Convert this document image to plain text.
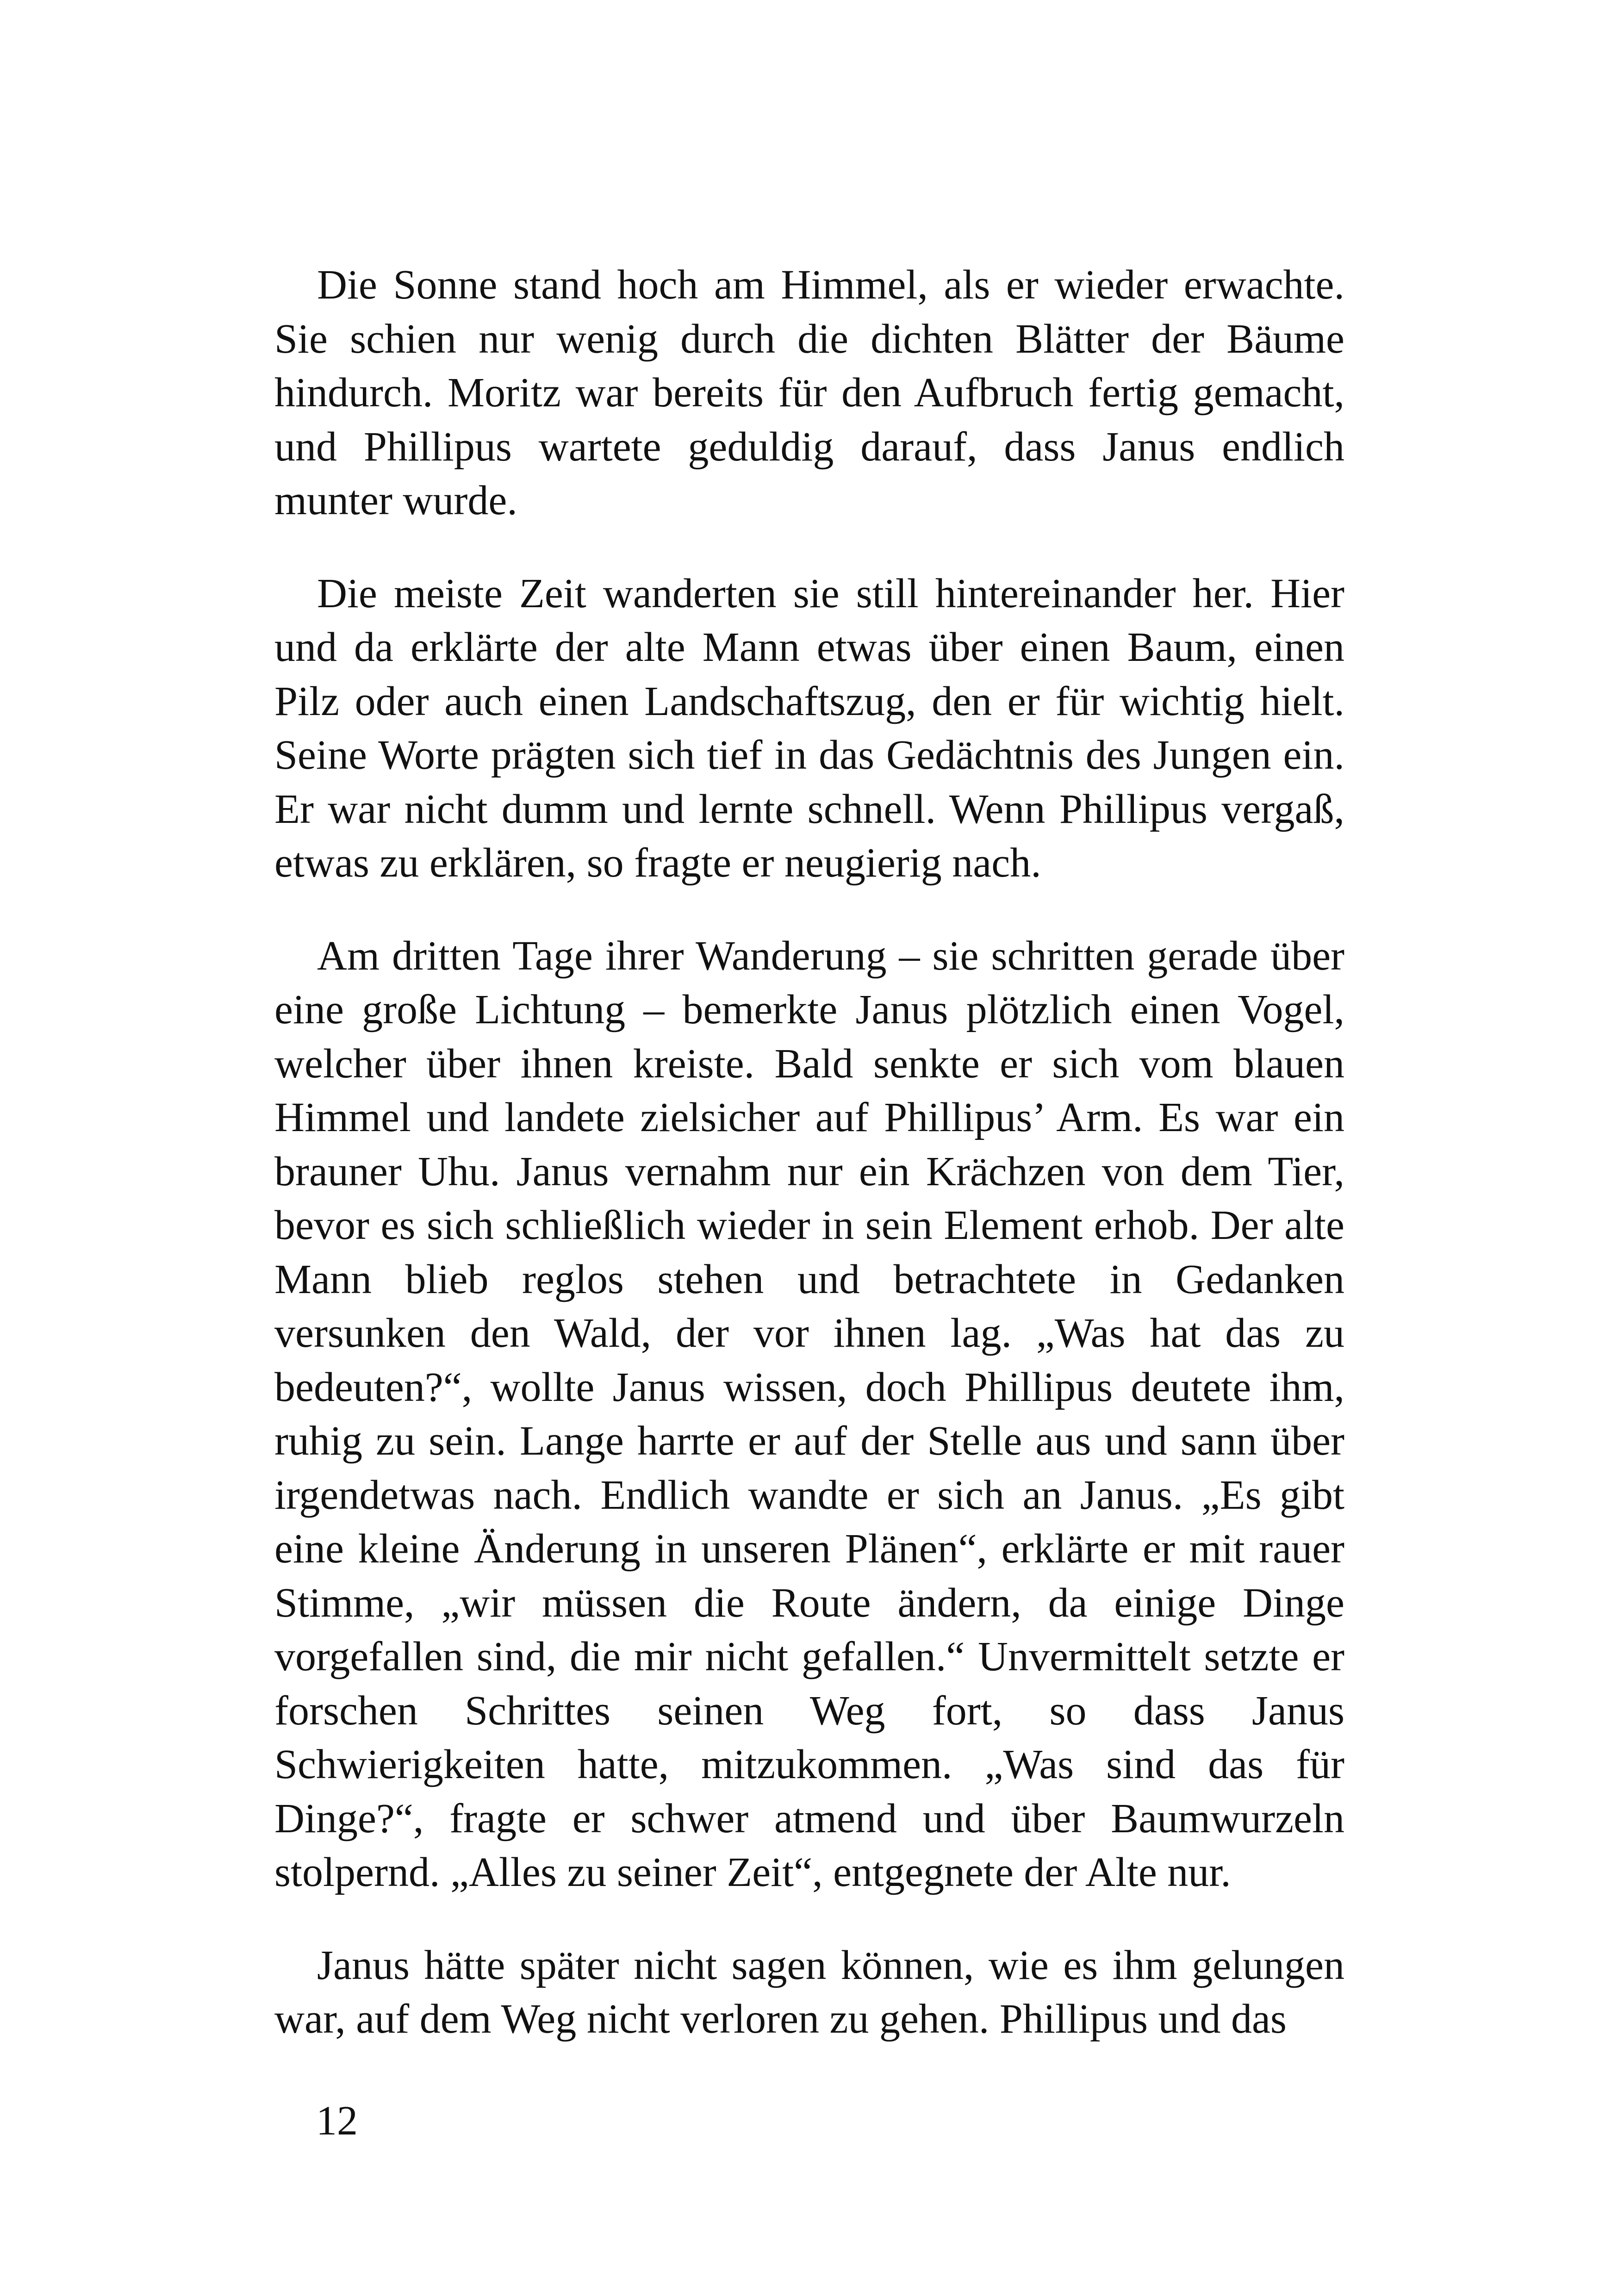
Die Sonne stand hoch am Himmel, als er wieder erwachte. Sie schien nur wenig durch die dichten Blätter der Bäume hindurch. Moritz war bereits für den Aufbruch fertig gemacht, und Phillipus wartete geduldig darauf, dass Janus endlich munter wurde.

Die meiste Zeit wanderten sie still hintereinander her. Hier und da erklärte der alte Mann etwas über einen Baum, einen Pilz oder auch einen Landschaftszug, den er für wichtig hielt. Seine Worte prägten sich tief in das Gedächtnis des Jungen ein. Er war nicht dumm und lernte schnell. Wenn Phillipus vergaß, etwas zu erklären, so fragte er neugierig nach.

Am dritten Tage ihrer Wanderung – sie schritten gerade über eine große Lichtung – bemerkte Janus plötzlich einen Vogel, welcher über ihnen kreiste. Bald senkte er sich vom blauen Himmel und landete zielsicher auf Phillipus’ Arm. Es war ein brauner Uhu. Janus vernahm nur ein Krächzen von dem Tier, bevor es sich schließlich wieder in sein Element erhob. Der alte Mann blieb reglos stehen und betrachtete in Gedanken versunken den Wald, der vor ihnen lag. „Was hat das zu bedeuten?“, wollte Janus wissen, doch Phillipus deutete ihm, ruhig zu sein. Lange harrte er auf der Stelle aus und sann über irgendetwas nach. Endlich wandte er sich an Janus. „Es gibt eine kleine Änderung in unseren Plänen“, erklärte er mit rauer Stimme, „wir müssen die Route ändern, da einige Dinge vorgefallen sind, die mir nicht gefallen.“ Unvermittelt setzte er forschen Schrittes seinen Weg fort, so dass Janus Schwierigkeiten hatte, mitzukommen. „Was sind das für Dinge?“, fragte er schwer atmend und über Baumwurzeln stolpernd. „Alles zu seiner Zeit“, entgegnete der Alte nur.

Janus hätte später nicht sagen können, wie es ihm gelungen war, auf dem Weg nicht verloren zu gehen. Phillipus und das

12
